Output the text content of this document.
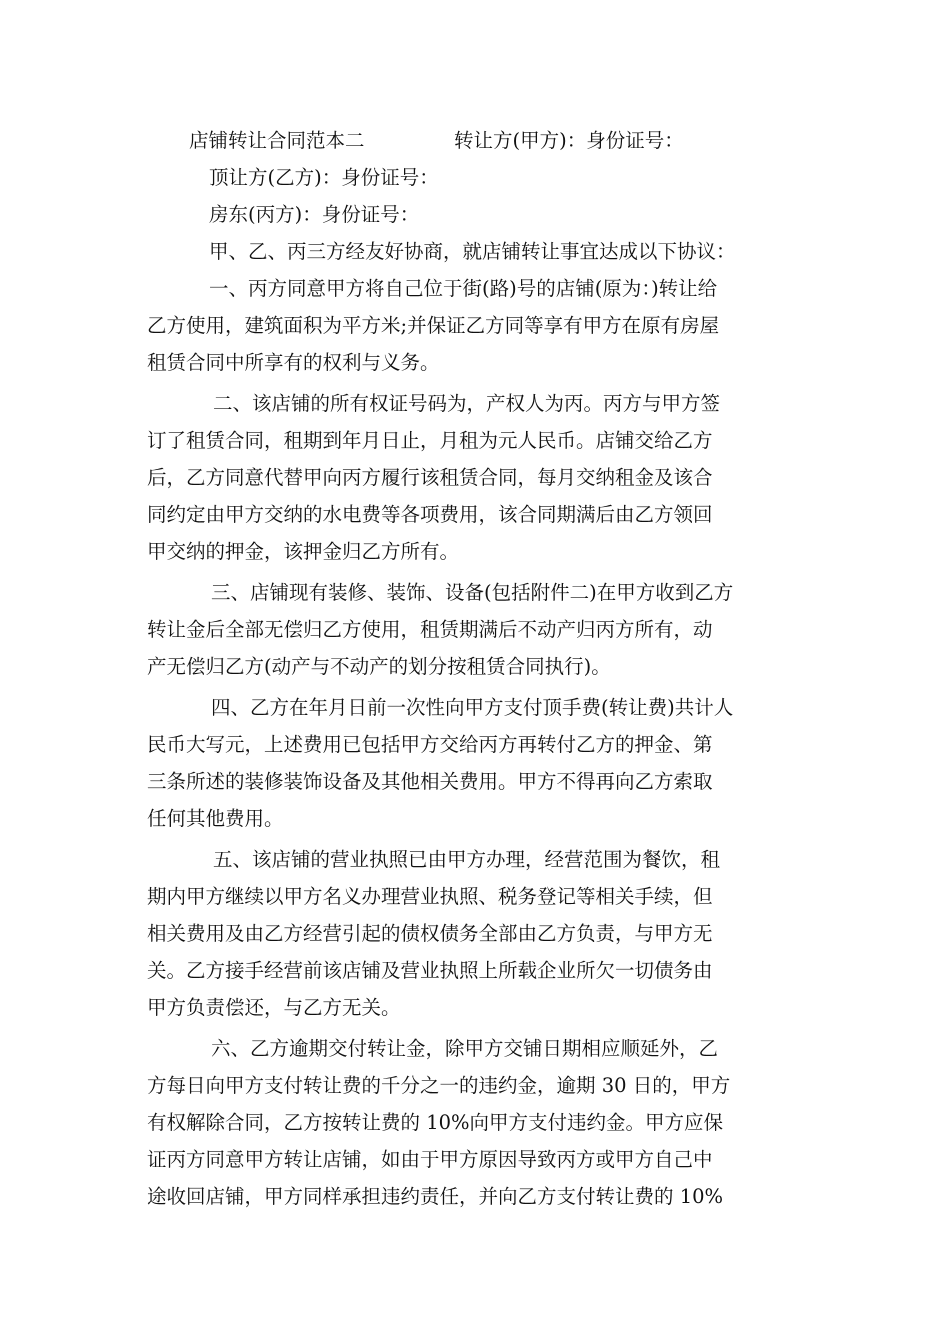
店铺转让合同范本二	转让方(甲方)：身份证号：
顶让方(乙方)：身份证号：
房东(丙方)：身份证号：
甲、乙、丙三方经友好协商，就店铺转让事宜达成以下协议：
一、丙方同意甲方将自己位于街(路)号的店铺(原为：)转让给
乙方使用，建筑面积为平方米;并保证乙方同等享有甲方在原有房屋
租赁合同中所享有的权利与义务。
二、该店铺的所有权证号码为，产权人为丙。丙方与甲方签
订了租赁合同，租期到年月日止，月租为元人民币。店铺交给乙方
后，乙方同意代替甲向丙方履行该租赁合同，每月交纳租金及该合
同约定由甲方交纳的水电费等各项费用，该合同期满后由乙方领回
甲交纳的押金，该押金归乙方所有。
三、店铺现有装修、装饰、设备(包括附件二)在甲方收到乙方
转让金后全部无偿归乙方使用，租赁期满后不动产归丙方所有，动
产无偿归乙方(动产与不动产的划分按租赁合同执行)。
四、乙方在年月日前一次性向甲方支付顶手费(转让费)共计人
民币大写元，上述费用已包括甲方交给丙方再转付乙方的押金、第
三条所述的装修装饰设备及其他相关费用。甲方不得再向乙方索取
任何其他费用。
五、该店铺的营业执照已由甲方办理，经营范围为餐饮，租
期内甲方继续以甲方名义办理营业执照、税务登记等相关手续，但
相关费用及由乙方经营引起的债权债务全部由乙方负责，与甲方无
关。乙方接手经营前该店铺及营业执照上所载企业所欠一切债务由
甲方负责偿还，与乙方无关。
六、乙方逾期交付转让金，除甲方交铺日期相应顺延外，乙
方每日向甲方支付转让费的千分之一的违约金，逾期 30 日的，甲方
有权解除合同，乙方按转让费的 10%向甲方支付违约金。甲方应保
证丙方同意甲方转让店铺，如由于甲方原因导致丙方或甲方自己中
途收回店铺，甲方同样承担违约责任，并向乙方支付转让费的 10%
